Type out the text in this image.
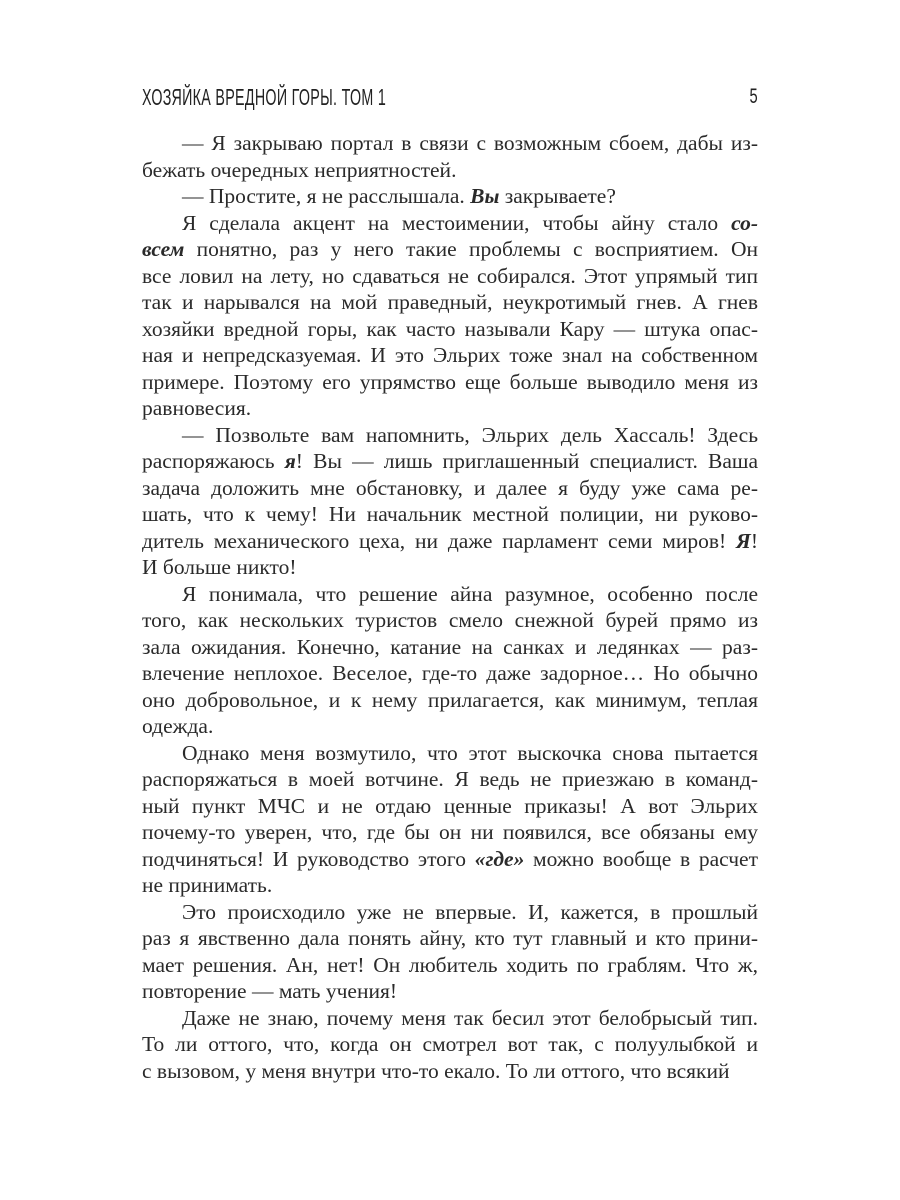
ХОЗЯЙКА ВРЕДНОЙ ГОРЫ. ТОМ 1	5
— Я закрываю портал в связи с возможным сбоем, дабы из-
бежать очередных неприятностей.
— Простите, я не расслышала. Вы закрываете?
Я сделала акцент на местоимении, чтобы айну стало со-
всем понятно, раз у него такие проблемы с восприятием. Он
все ловил на лету, но сдаваться не собирался. Этот упрямый тип
так и нарывался на мой праведный, неукротимый гнев. А гнев
хозяйки вредной горы, как часто называли Кару — штука опас-
ная и непредсказуемая. И это Эльрих тоже знал на собственном
примере. Поэтому его упрямство еще больше выводило меня из
равновесия.
— Позвольте вам напомнить, Эльрих дель Хассаль! Здесь
распоряжаюсь я! Вы — лишь приглашенный специалист. Ваша
задача доложить мне обстановку, и далее я буду уже сама ре-
шать, что к чему! Ни начальник местной полиции, ни руково-
дитель механического цеха, ни даже парламент семи миров! Я!
И больше никто!
Я понимала, что решение айна разумное, особенно после
того, как нескольких туристов смело снежной бурей прямо из
зала ожидания. Конечно, катание на санках и ледянках — раз-
влечение неплохое. Веселое, где-то даже задорное… Но обычно
оно добровольное, и к нему прилагается, как минимум, теплая
одежда.
Однако меня возмутило, что этот выскочка снова пытается
распоряжаться в моей вотчине. Я ведь не приезжаю в команд-
ный пункт МЧС и не отдаю ценные приказы! А вот Эльрих
почему-то уверен, что, где бы он ни появился, все обязаны ему
подчиняться! И руководство этого «где» можно вообще в расчет
не принимать.
Это происходило уже не впервые. И, кажется, в прошлый
раз я явственно дала понять айну, кто тут главный и кто прини-
мает решения. Ан, нет! Он любитель ходить по граблям. Что ж,
повторение — мать учения!
Даже не знаю, почему меня так бесил этот белобрысый тип.
То ли оттого, что, когда он смотрел вот так, с полуулыбкой и
с вызовом, у меня внутри что-то екало. То ли оттого, что всякий
